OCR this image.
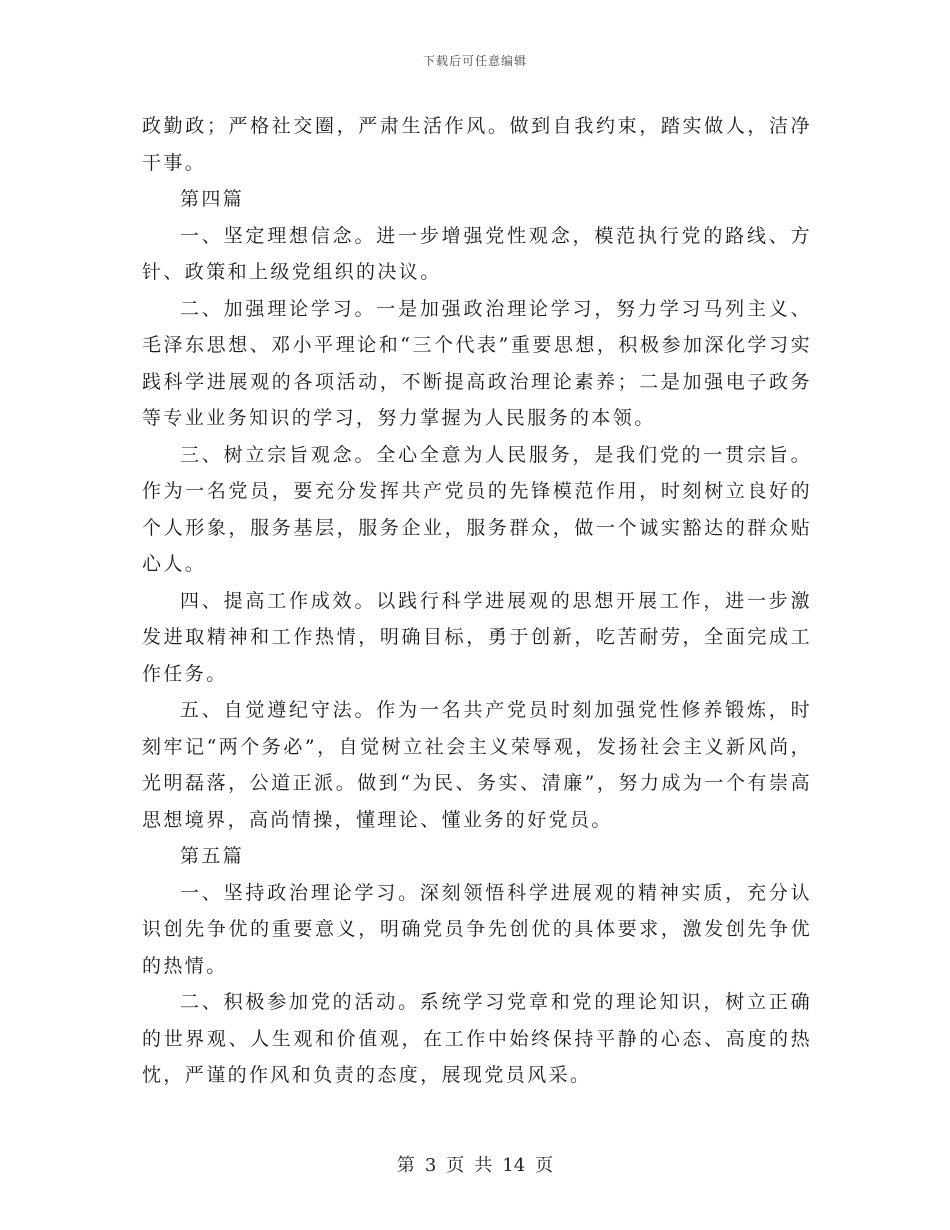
下载后可任意编辑

政勤政；严格社交圈，严肃生活作风。做到自我约束，踏实做人，洁净干事。

第四篇

一、坚定理想信念。进一步增强党性观念，模范执行党的路线、方针、政策和上级党组织的决议。

二、加强理论学习。一是加强政治理论学习，努力学习马列主义、毛泽东思想、邓小平理论和“三个代表”重要思想，积极参加深化学习实践科学进展观的各项活动，不断提高政治理论素养；二是加强电子政务等专业业务知识的学习，努力掌握为人民服务的本领。

三、树立宗旨观念。全心全意为人民服务，是我们党的一贯宗旨。作为一名党员，要充分发挥共产党员的先锋模范作用，时刻树立良好的个人形象，服务基层，服务企业，服务群众，做一个诚实豁达的群众贴心人。

四、提高工作成效。以践行科学进展观的思想开展工作，进一步激发进取精神和工作热情，明确目标，勇于创新，吃苦耐劳，全面完成工作任务。

五、自觉遵纪守法。作为一名共产党员时刻加强党性修养锻炼，时刻牢记“两个务必”，自觉树立社会主义荣辱观，发扬社会主义新风尚，光明磊落，公道正派。做到“为民、务实、清廉”，努力成为一个有崇高思想境界，高尚情操，懂理论、懂业务的好党员。

第五篇

一、坚持政治理论学习。深刻领悟科学进展观的精神实质，充分认识创先争优的重要意义，明确党员争先创优的具体要求，激发创先争优的热情。

二、积极参加党的活动。系统学习党章和党的理论知识，树立正确的世界观、人生观和价值观，在工作中始终保持平静的心态、高度的热忱，严谨的作风和负责的态度，展现党员风采。

第 3 页 共 14 页
